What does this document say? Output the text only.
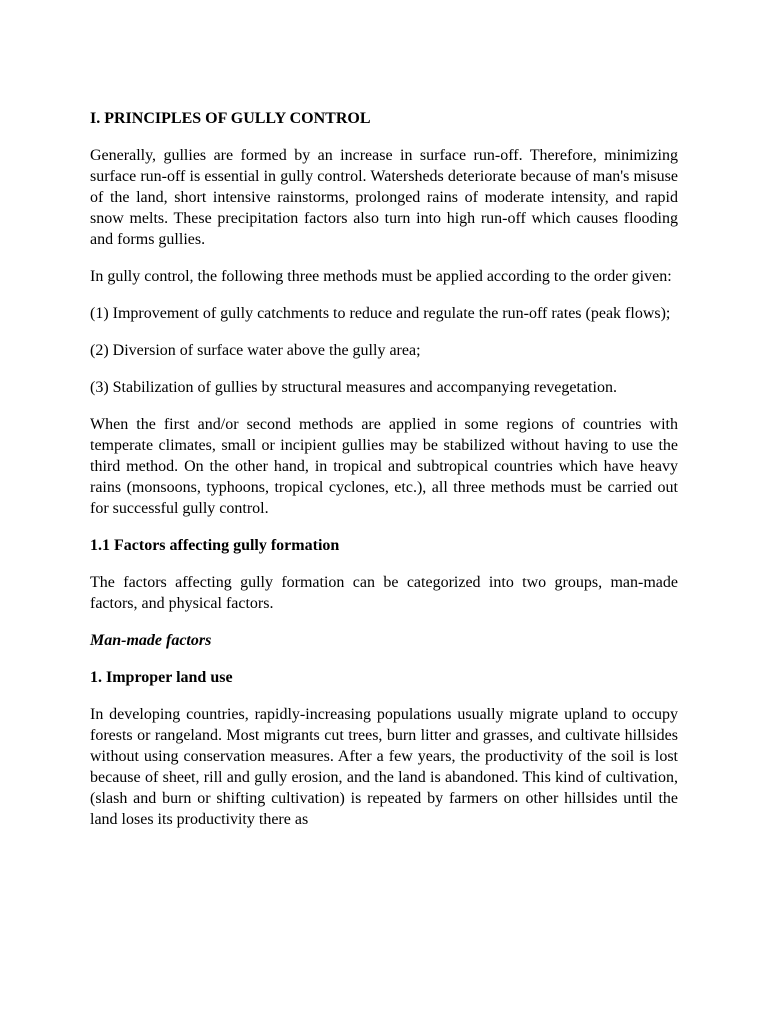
I. PRINCIPLES OF GULLY CONTROL

Generally, gullies are formed by an increase in surface run-off. Therefore, minimizing surface run-off is essential in gully control. Watersheds deteriorate because of man's misuse of the land, short intensive rainstorms, prolonged rains of moderate intensity, and rapid snow melts. These precipitation factors also turn into high run-off which causes flooding and forms gullies.

In gully control, the following three methods must be applied according to the order given:

(1) Improvement of gully catchments to reduce and regulate the run-off rates (peak flows);

(2) Diversion of surface water above the gully area;

(3) Stabilization of gullies by structural measures and accompanying revegetation.

When the first and/or second methods are applied in some regions of countries with temperate climates, small or incipient gullies may be stabilized without having to use the third method. On the other hand, in tropical and subtropical countries which have heavy rains (monsoons, typhoons, tropical cyclones, etc.), all three methods must be carried out for successful gully control.

1.1 Factors affecting gully formation

The factors affecting gully formation can be categorized into two groups, man-made factors, and physical factors.

Man-made factors

1. Improper land use

In developing countries, rapidly-increasing populations usually migrate upland to occupy forests or rangeland. Most migrants cut trees, burn litter and grasses, and cultivate hillsides without using conservation measures. After a few years, the productivity of the soil is lost because of sheet, rill and gully erosion, and the land is abandoned. This kind of cultivation, (slash and burn or shifting cultivation) is repeated by farmers on other hillsides until the land loses its productivity there as
